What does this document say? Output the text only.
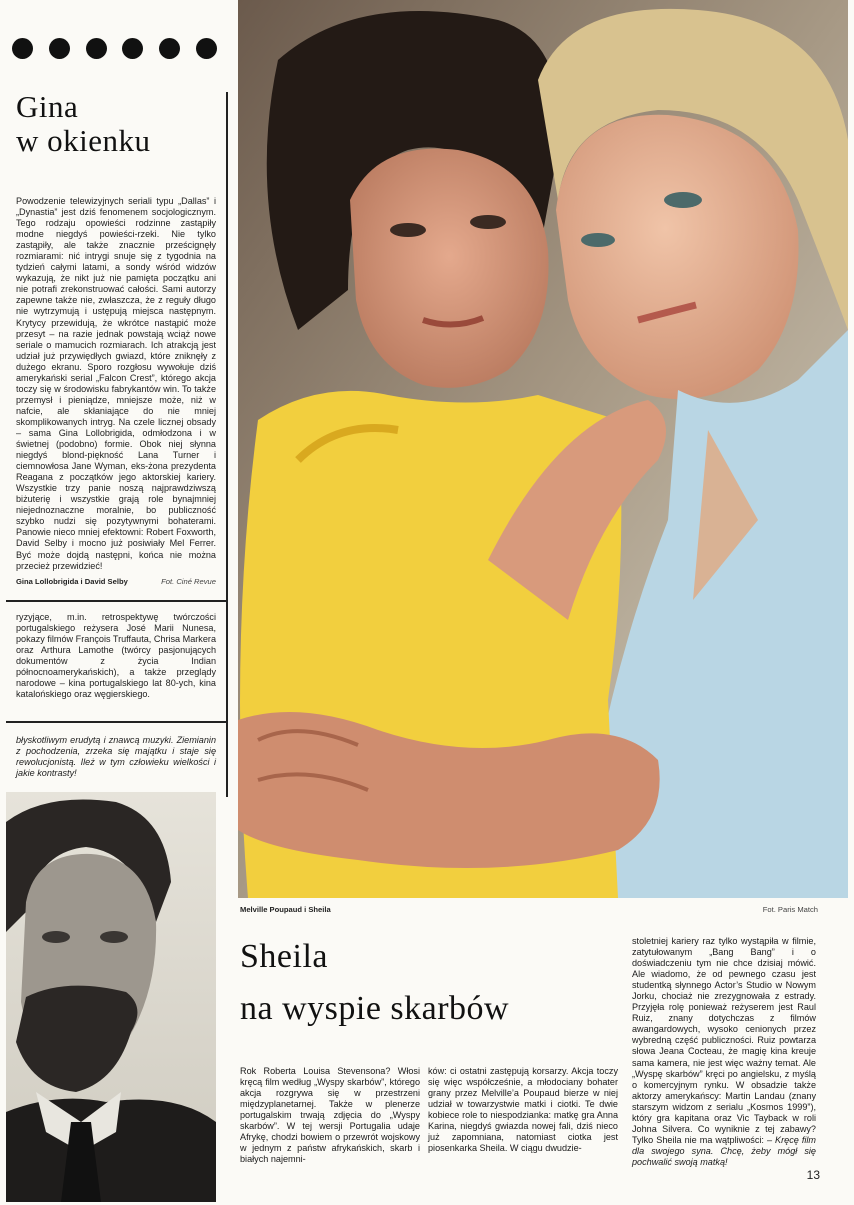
Gina
w okienku
Powodzenie telewizyjnych seriali typu „Dallas” i „Dynastia” jest dziś fenomenem socjologicznym. Tego rodzaju opowieści rodzinne zastąpiły modne niegdyś powieści-rzeki. Nie tylko zastąpiły, ale także znacznie prześcignęły rozmiarami: nić intrygi snuje się z tygodnia na tydzień całymi latami, a sondy wśród widzów wykazują, że nikt już nie pamięta początku ani nie potrafi zrekonstruować całości. Sami autorzy zapewne także nie, zwłaszcza, że z reguły długo nie wytrzymują i ustępują miejsca następnym. Krytycy przewidują, że wkrótce nastąpić może przesyt – na razie jednak powstają wciąż nowe seriale o mamucich rozmiarach. Ich atrakcją jest udział już przywiędłych gwiazd, które zniknęły z dużego ekranu. Sporo rozgłosu wywołuje dziś amerykański serial „Falcon Crest”, którego akcja toczy się w środowisku fabrykantów win. To także przemysł i pieniądze, mniejsze może, niż w nafcie, ale skłaniające do nie mniej skomplikowanych intryg. Na czele licznej obsady – sama Gina Lollobrigida, odmłodzona i w świetnej (podobno) formie. Obok niej słynna niegdyś blond-piękność Lana Turner i ciemnowłosa Jane Wyman, eks-żona prezydenta Reagana z początków jego aktorskiej kariery. Wszystkie trzy panie noszą najprawdziwszą biżuterię i wszystkie grają role bynajmniej niejednoznaczne moralnie, bo publiczność szybko nudzi się pozytywnymi bohaterami. Panowie nieco mniej efektowni: Robert Foxworth, David Selby i mocno już posiwiały Mel Ferrer. Być może dojdą następni, końca nie można przecież przewidzieć!
Gina Lollobrigida i David Selby	Fot. Ciné Revue
ryzyjące, m.in. retrospektywę twórczości portugalskiego reżysera José Marii Nunesa, pokazy filmów François Truffauta, Chrisa Markera oraz Arthura Lamothe (twórcy pasjonujących dokumentów z życia Indian północnoamerykańskich), a także przeglądy narodowe – kina portugalskiego lat 80-ych, kina katalońskiego oraz węgierskiego.
błyskotliwym erudytą i znawcą muzyki. Ziemianin z pochodzenia, zrzeka się majątku i staje się rewolucjonistą. Ileż w tym człowieku wielkości i jakie kontrasty!
Melville Poupaud i Sheila	Fot. Paris Match
Sheila
na wyspie skarbów
Rok Roberta Louisa Stevensona? Włosi kręcą film według „Wyspy skarbów”, którego akcja rozgrywa się w przestrzeni międzyplanetarnej. Także w plenerze portugalskim trwają zdjęcia do „Wyspy skarbów”. W tej wersji Portugalia udaje Afrykę, chodzi bowiem o przewrót wojskowy w jednym z państw afrykańskich, skarb i białych najemni-
ków: ci ostatni zastępują korsarzy. Akcja toczy się więc współcześnie, a młodociany bohater grany przez Melville’a Poupaud bierze w niej udział w towarzystwie matki i ciotki. Te dwie kobiece role to niespodzianka: matkę gra Anna Karina, niegdyś gwiazda nowej fali, dziś nieco już zapomniana, natomiast ciotka jest piosenkarka Sheila. W ciągu dwudzie-
stoletniej kariery raz tylko wystąpiła w filmie, zatytułowanym „Bang Bang” i o doświadczeniu tym nie chce dzisiaj mówić. Ale wiadomo, że od pewnego czasu jest studentką słynnego Actor’s Studio w Nowym Jorku, chociaż nie zrezygnowała z estrady. Przyjęła rolę ponieważ reżyserem jest Raul Ruiz, znany dotychczas z filmów awangardowych, wysoko cenionych przez wybredną część publiczności. Ruiz powtarza słowa Jeana Cocteau, że magię kina kreuje sama kamera, nie jest więc ważny temat. Ale „Wyspę skarbów” kręci po angielsku, z myślą o komercyjnym rynku. W obsadzie także aktorzy amerykańscy: Martin Landau (znany starszym widzom z serialu „Kosmos 1999”), który gra kapitana oraz Vic Tayback w roli Johna Silvera. Co wyniknie z tej zabawy? Tylko Sheila nie ma wątpliwości: – Kręcę film dla swojego syna. Chcę, żeby mógł się pochwalić swoją matką!
13
